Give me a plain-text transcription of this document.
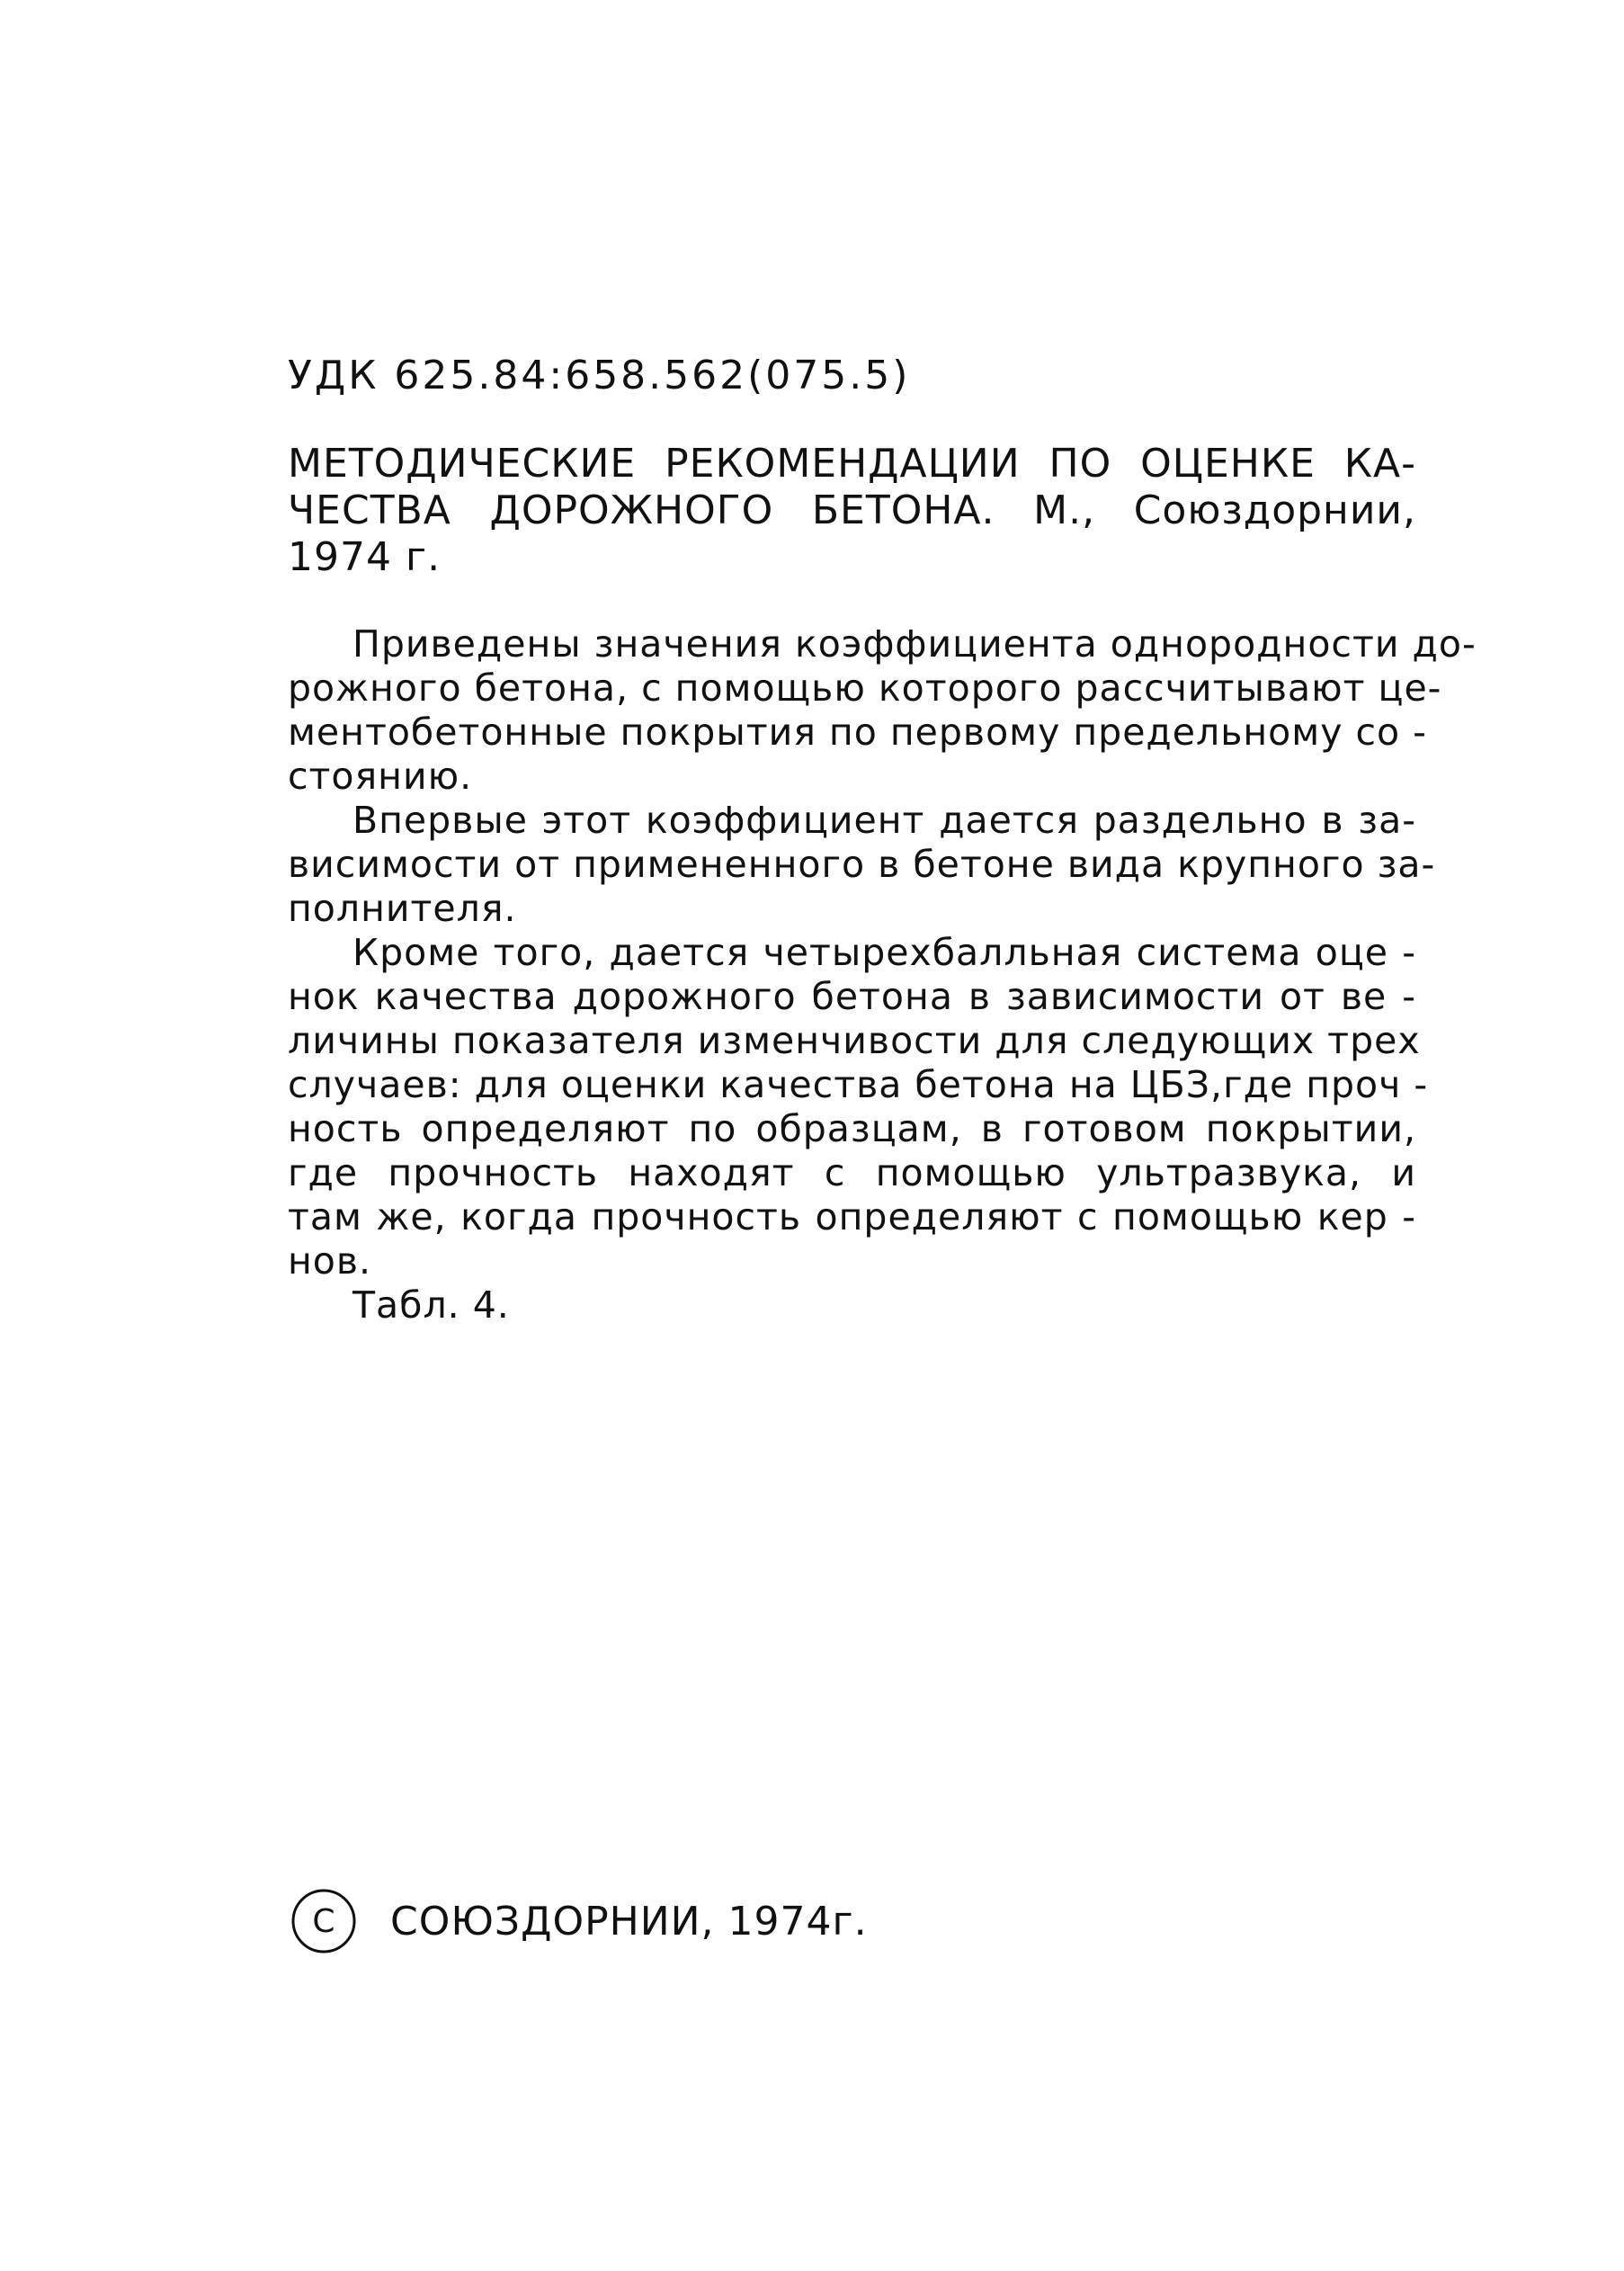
УДК 625.84:658.562(075.5)
МЕТОДИЧЕСКИЕ РЕКОМЕНДАЦИИ ПО ОЦЕНКЕ КА-
ЧЕСТВА ДОРОЖНОГО БЕТОНА. М., Союздорнии,
1974 г.
Приведены значения коэффициента однородности до-
рожного бетона, с помощью которого рассчитывают це-
ментобетонные покрытия по первому предельному со -
стоянию.
Впервые этот коэффициент дается раздельно в за-
висимости от примененного в бетоне вида крупного за-
полнителя.
Кроме того, дается четырехбалльная система оце -
нок качества дорожного бетона в зависимости от ве -
личины показателя изменчивости для следующих трех
случаев: для оценки качества бетона на ЦБЗ,где проч -
ность определяют по образцам, в готовом покрытии,
где прочность находят с помощью ультразвука, и
там же, когда прочность определяют с помощью кер -
нов.
Табл. 4.
C СОЮЗДОРНИИ, 1974г.
